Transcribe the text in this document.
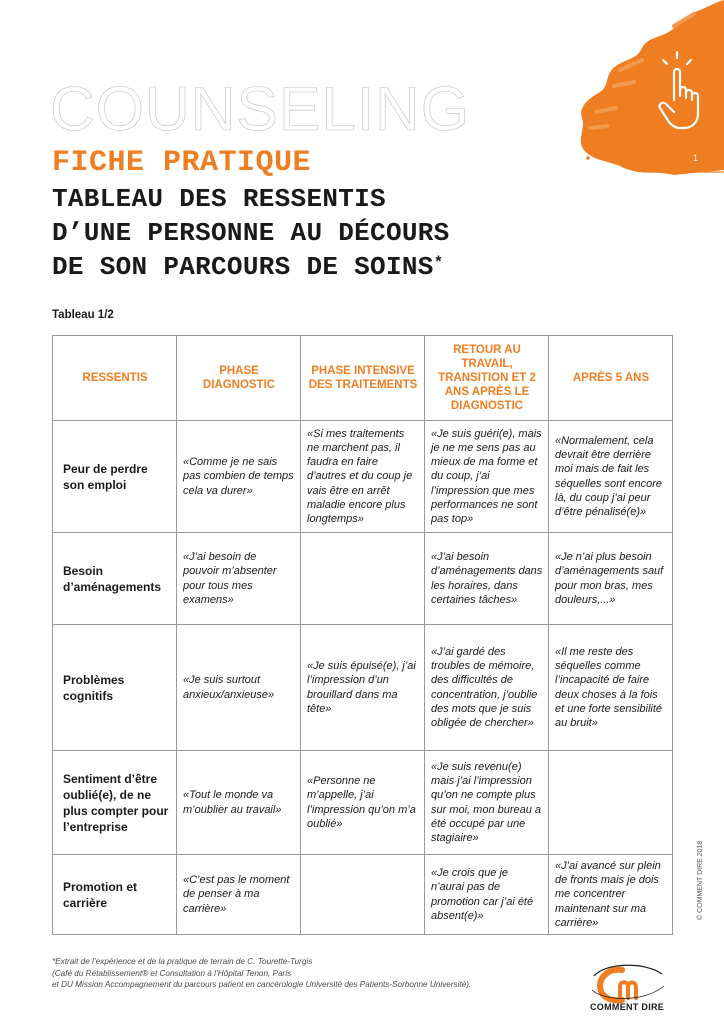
1
COUNSELING
FICHE PRATIQUE
TABLEAU DES RESSENTIS
D’UNE PERSONNE AU DÉCOURS
DE SON PARCOURS DE SOINS*
Tableau 1/2
RESSENTIS	PHASE DIAGNOSTIC	PHASE INTENSIVE DES TRAITEMENTS	RETOUR AU TRAVAIL, TRANSITION ET 2 ANS APRÈS LE DIAGNOSTIC	APRÈS 5 ANS
Peur de perdre son emploi	«Comme je ne sais pas combien de temps cela va durer»	«Si mes traitements ne marchent pas, il faudra en faire d’autres et du coup je vais être en arrêt maladie encore plus longtemps»	«Je suis guéri(e), mais je ne me sens pas au mieux de ma forme et du coup, j’ai l’impression que mes performances ne sont pas top»	«Normalement, cela devrait être derrière moi mais de fait les séquelles sont encore là, du coup j’ai peur d’être pénalisé(e)»
Besoin d’aménagements	«J’ai besoin de pouvoir m’absenter pour tous mes examens»		«J’ai besoin d’aménagements dans les horaires, dans certaines tâches»	«Je n’ai plus besoin d’aménagements sauf pour mon bras, mes douleurs,...»
Problèmes cognitifs	«Je suis surtout anxieux/anxieuse»	«Je suis épuisé(e), j’ai l’impression d’un brouillard dans ma tête»	«J’ai gardé des troubles de mémoire, des difficultés de concentration, j’oublie des mots que je suis obligée de chercher»	«Il me reste des séquelles comme l’incapacité de faire deux choses à la fois et une forte sensibilité au bruit»
Sentiment d’être oublié(e), de ne plus compter pour l’entreprise	«Tout le monde va m’oublier au travail»	«Personne ne m’appelle, j’ai l’impression qu’on m’a oublié»	«Je suis revenu(e) mais j’ai l’impression qu’on ne compte plus sur moi, mon bureau a été occupé par une stagiaire»	
Promotion et carrière	«C’est pas le moment de penser à ma carrière»		«Je crois que je n’aurai pas de promotion car j’ai été absent(e)»	«J’ai avancé sur plein de fronts mais je dois me concentrer maintenant sur ma carrière»
*Extrait de l’expérience et de la pratique de terrain de C. Tourette-Turgis
(Café du Rétablissement® et Consultation à l’Hôpital Tenon, Paris
et DU Mission Accompagnement du parcours patient en cancérologie Université des Patients-Sorbonne Université).
© COMMENT DIRE 2018
COMMENT DIRE
